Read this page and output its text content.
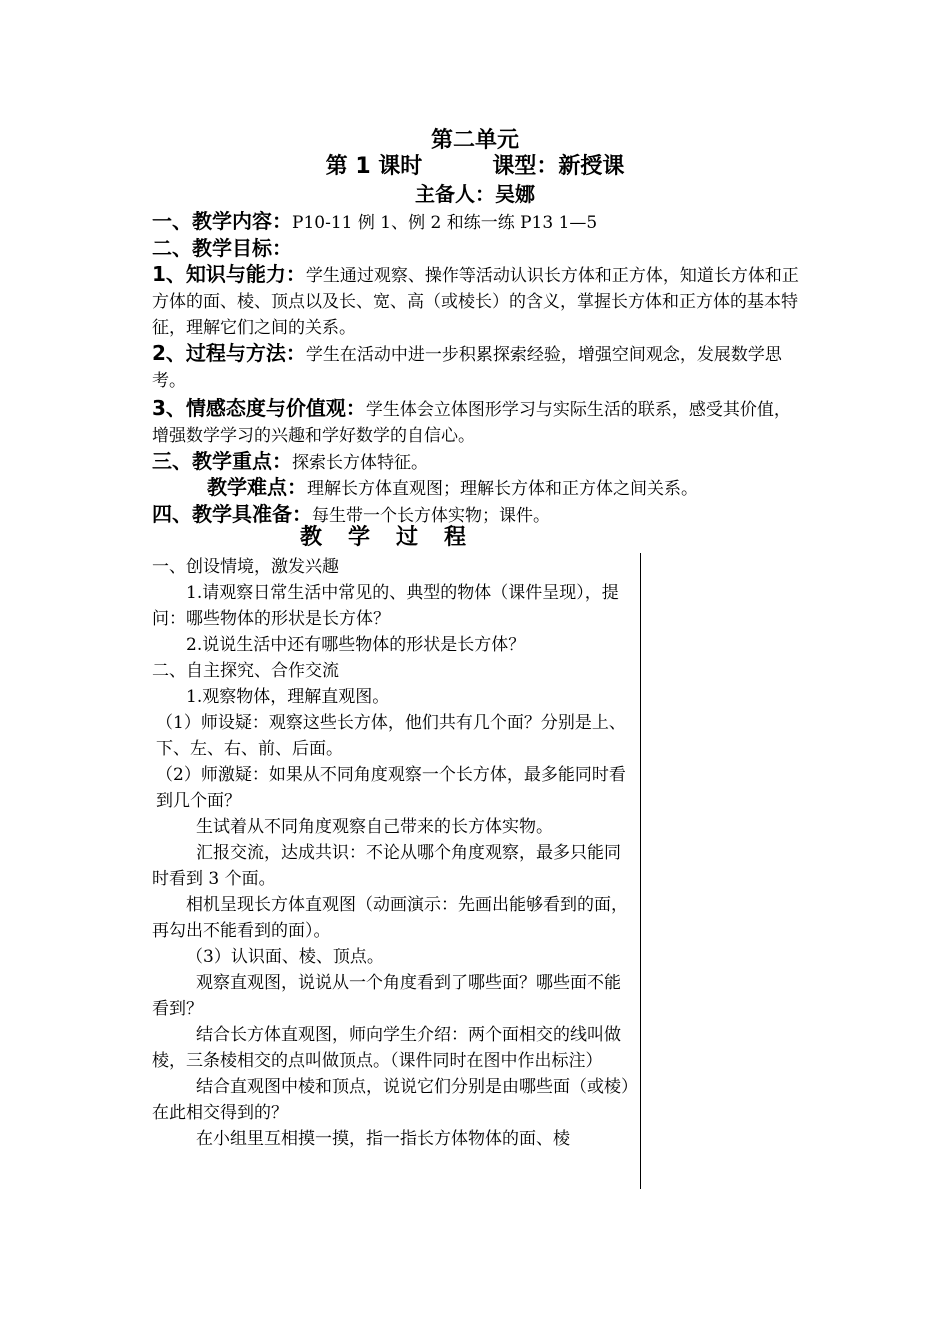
第二单元
第 1 课时	课型：新授课
主备人：吴娜
一、教学内容：P10-11 例 1、例 2 和练一练 P13 1—5
二、教学目标：
1、知识与能力：学生通过观察、操作等活动认识长方体和正方体，知道长方体和正方体的面、棱、顶点以及长、宽、高（或棱长）的含义，掌握长方体和正方体的基本特征，理解它们之间的关系。
2、过程与方法：学生在活动中进一步积累探索经验，增强空间观念，发展数学思考。
3、情感态度与价值观：学生体会立体图形学习与实际生活的联系，感受其价值，增强数学学习的兴趣和学好数学的自信心。
三、教学重点：探索长方体特征。
教学难点：理解长方体直观图；理解长方体和正方体之间关系。
四、教学具准备：每生带一个长方体实物；课件。
教学过程

一、创设情境，激发兴趣

1.请观察日常生活中常见的、典型的物体（课件呈现），提问：哪些物体的形状是长方体？

2.说说生活中还有哪些物体的形状是长方体？

二、自主探究、合作交流

1.观察物体，理解直观图。

（1）师设疑：观察这些长方体，他们共有几个面？分别是上、下、左、右、前、后面。

（2）师激疑：如果从不同角度观察一个长方体，最多能同时看到几个面？

生试着从不同角度观察自己带来的长方体实物。

汇报交流，达成共识：不论从哪个角度观察，最多只能同时看到 3 个面。

相机呈现长方体直观图（动画演示：先画出能够看到的面，再勾出不能看到的面）。

（3）认识面、棱、顶点。

观察直观图，说说从一个角度看到了哪些面？哪些面不能看到？

结合长方体直观图，师向学生介绍：两个面相交的线叫做棱，三条棱相交的点叫做顶点。（课件同时在图中作出标注）

结合直观图中棱和顶点，说说它们分别是由哪些面（或棱）在此相交得到的？

在小组里互相摸一摸，指一指长方体物体的面、棱
